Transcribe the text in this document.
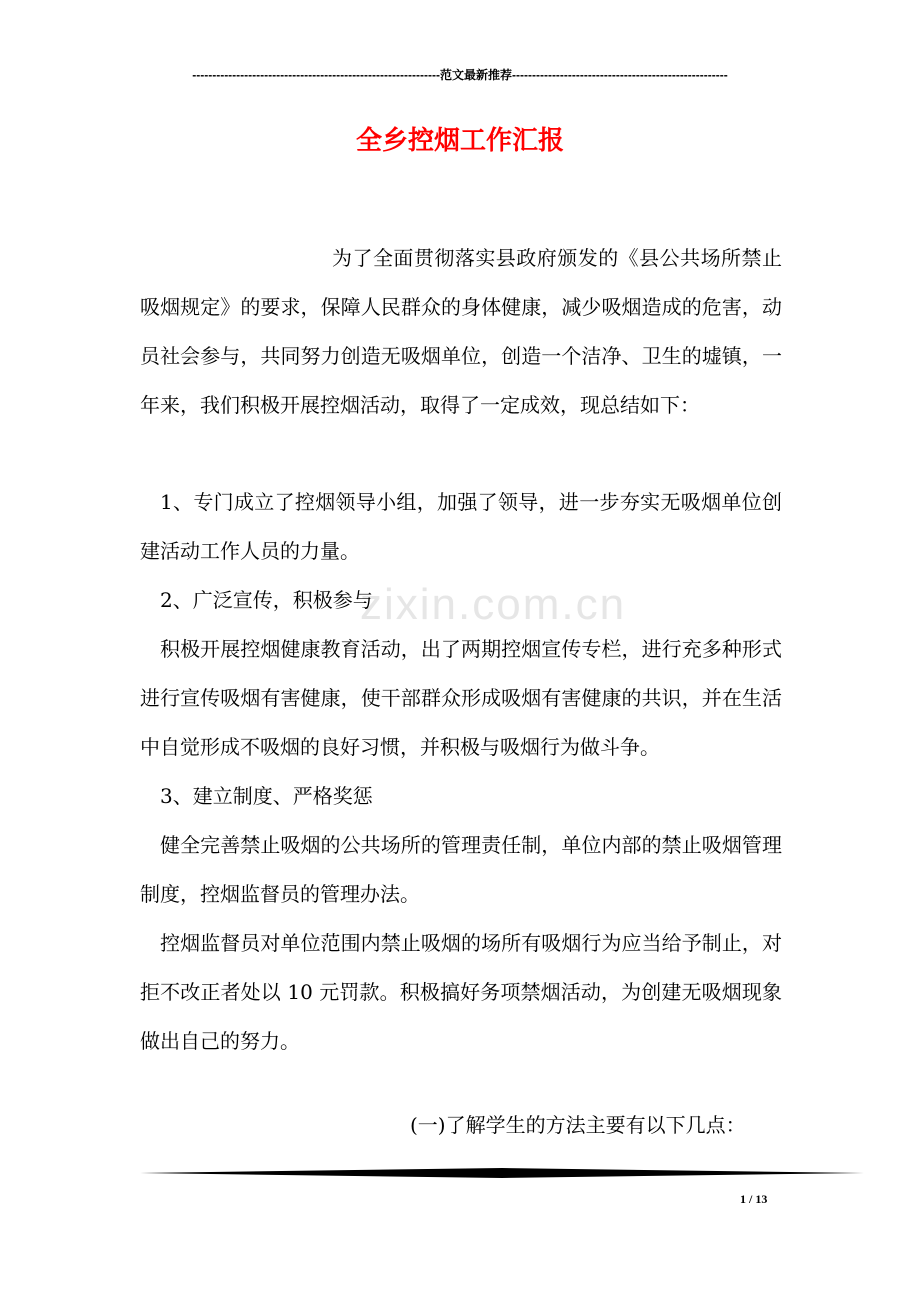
--------------------------------------------------------------范文最新推荐------------------------------------------------------
全乡控烟工作汇报
zixin.com.cn
为了全面贯彻落实县政府颁发的《县公共场所禁止吸烟规定》的要求，保障人民群众的身体健康，减少吸烟造成的危害，动员社会参与，共同努力创造无吸烟单位，创造一个洁净、卫生的墟镇，一年来，我们积极开展控烟活动，取得了一定成效，现总结如下：
1、专门成立了控烟领导小组，加强了领导，进一步夯实无吸烟单位创建活动工作人员的力量。
2、广泛宣传，积极参与
积极开展控烟健康教育活动，出了两期控烟宣传专栏，进行充多种形式进行宣传吸烟有害健康，使干部群众形成吸烟有害健康的共识，并在生活中自觉形成不吸烟的良好习惯，并积极与吸烟行为做斗争。
3、建立制度、严格奖惩
健全完善禁止吸烟的公共场所的管理责任制，单位内部的禁止吸烟管理制度，控烟监督员的管理办法。
控烟监督员对单位范围内禁止吸烟的场所有吸烟行为应当给予制止，对拒不改正者处以 10 元罚款。积极搞好务项禁烟活动，为创建无吸烟现象做出自己的努力。
(一)了解学生的方法主要有以下几点：
1 / 13
